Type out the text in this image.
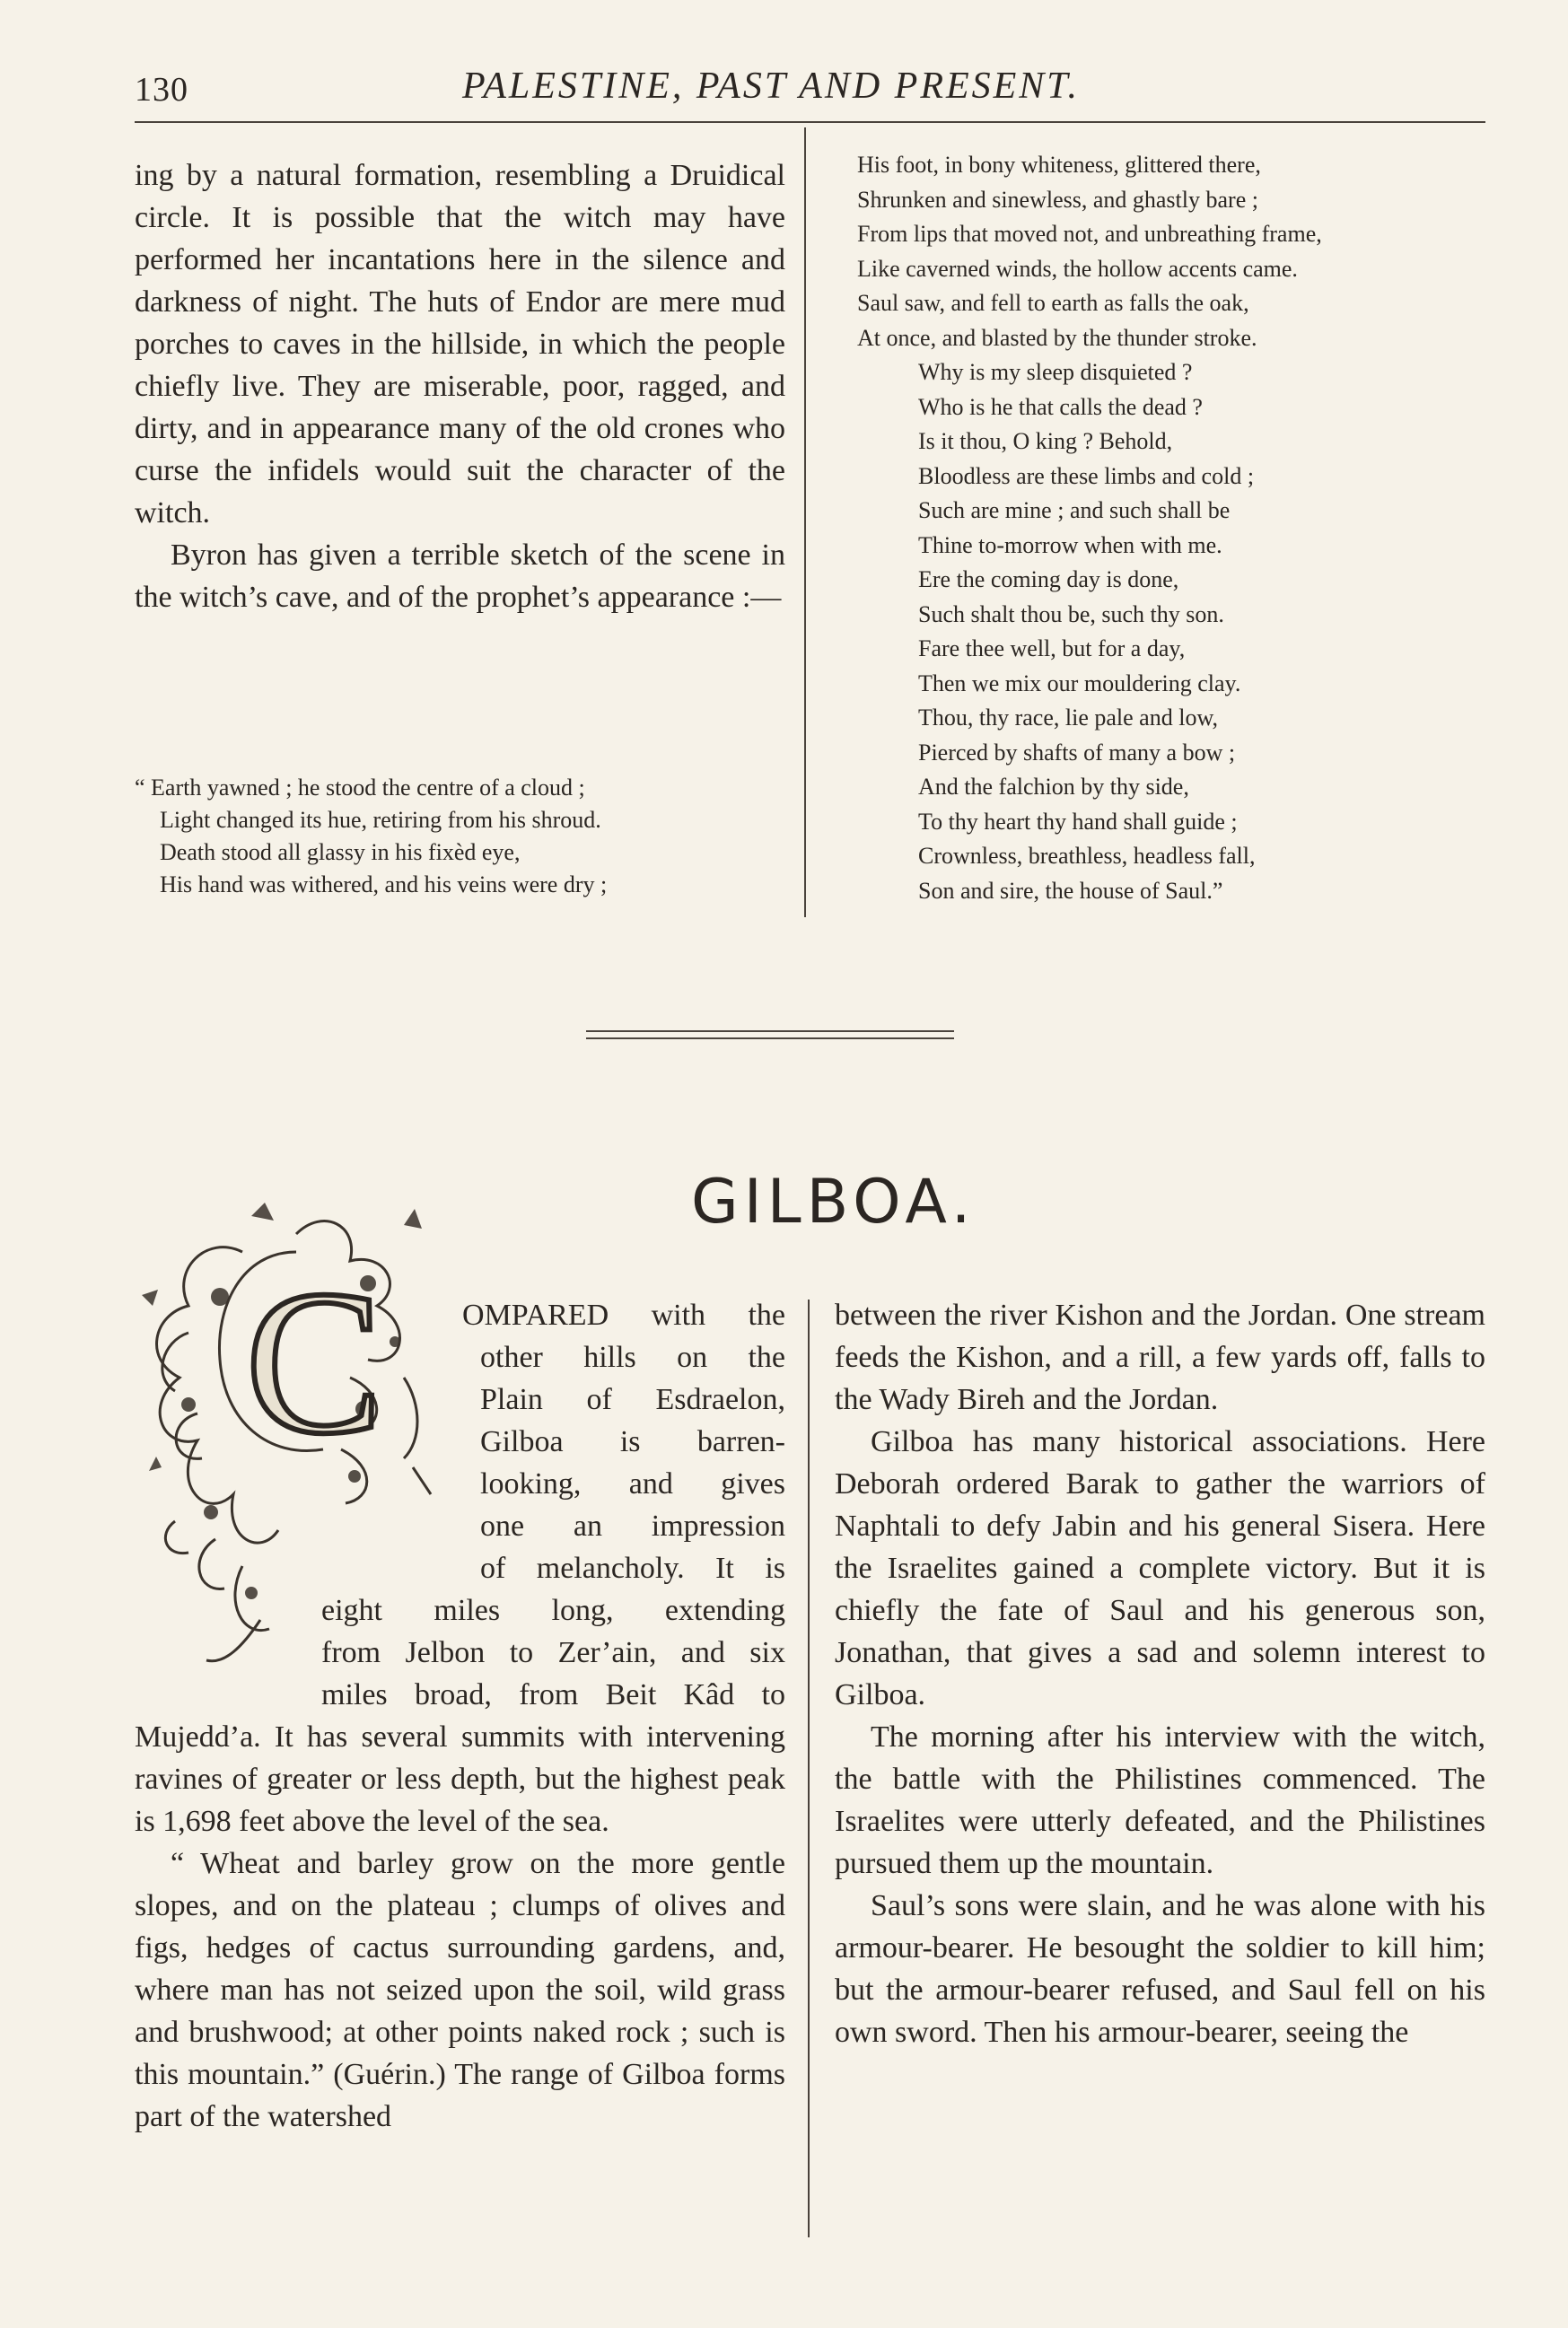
130	PALESTINE, PAST AND PRESENT.

ing by a natural formation, resembling a Druidical circle. It is possible that the witch may have performed her incantations here in the silence and darkness of night. The huts of Endor are mere mud porches to caves in the hillside, in which the people chiefly live. They are miserable, poor, ragged, and dirty, and in appearance many of the old crones who curse the infidels would suit the character of the witch.

Byron has given a terrible sketch of the scene in the witch’s cave, and of the prophet’s appearance :—

“ Earth yawned ; he stood the centre of a cloud ;
Light changed its hue, retiring from his shroud.
Death stood all glassy in his fixèd eye,
His hand was withered, and his veins were dry ;
His foot, in bony whiteness, glittered there,
Shrunken and sinewless, and ghastly bare ;
From lips that moved not, and unbreathing frame,
Like caverned winds, the hollow accents came.
Saul saw, and fell to earth as falls the oak,
At once, and blasted by the thunder stroke.
Why is my sleep disquieted ?
Who is he that calls the dead ?
Is it thou, O king ? Behold,
Bloodless are these limbs and cold ;
Such are mine ; and such shall be
Thine to-morrow when with me.
Ere the coming day is done,
Such shalt thou be, such thy son.
Fare thee well, but for a day,
Then we mix our mouldering clay.
Thou, thy race, lie pale and low,
Pierced by shafts of many a bow ;
And the falchion by thy side,
To thy heart thy hand shall guide ;
Crownless, breathless, headless fall,
Son and sire, the house of Saul.”
GILBOA.
C	OMPARED with the
other hills on the
Plain of Esdraelon,
Gilboa is barren-
looking, and gives
one an impression
of melancholy. It is
eight miles long, extending
from Jelbon to Zer’ain, and six
miles broad, from Beit Kâd to

Mujedd’a. It has several summits with intervening ravines of greater or less depth, but the highest peak is 1,698 feet above the level of the sea.

“ Wheat and barley grow on the more gentle slopes, and on the plateau ; clumps of olives and figs, hedges of cactus surrounding gardens, and, where man has not seized upon the soil, wild grass and brushwood; at other points naked rock ; such is this mountain.” (Guérin.) The range of Gilboa forms part of the watershed

between the river Kishon and the Jordan. One stream feeds the Kishon, and a rill, a few yards off, falls to the Wady Bireh and the Jordan.

Gilboa has many historical associations. Here Deborah ordered Barak to gather the warriors of Naphtali to defy Jabin and his general Sisera. Here the Israelites gained a complete victory. But it is chiefly the fate of Saul and his generous son, Jonathan, that gives a sad and solemn interest to Gilboa.

The morning after his interview with the witch, the battle with the Philistines commenced. The Israelites were utterly defeated, and the Philistines pursued them up the mountain.

Saul’s sons were slain, and he was alone with his armour-bearer. He besought the soldier to kill him; but the armour-bearer refused, and Saul fell on his own sword. Then his armour-bearer, seeing the
